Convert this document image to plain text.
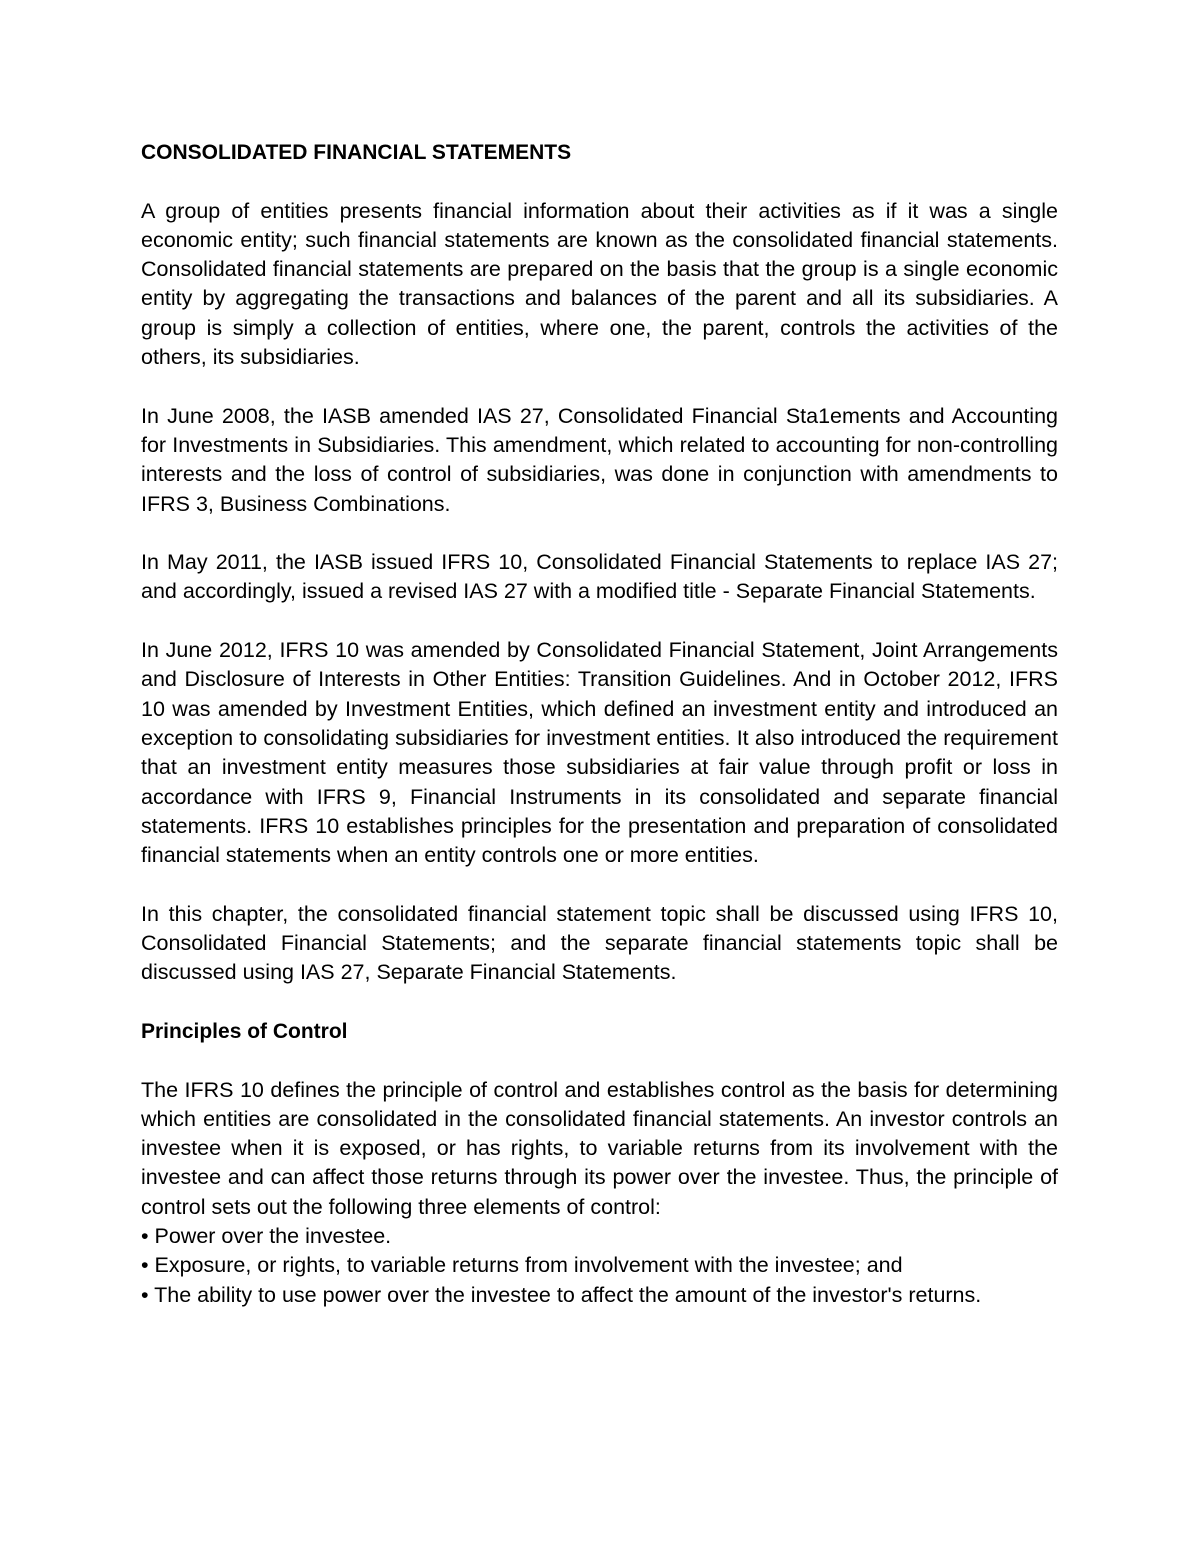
CONSOLIDATED FINANCIAL STATEMENTS

A group of entities presents financial information about their activities as if it was a single economic entity; such financial statements are known as the consolidated financial statements. Consolidated financial statements are prepared on the basis that the group is a single economic entity by aggregating the transactions and balances of the parent and all its subsidiaries. A group is simply a collection of entities, where one, the parent, controls the activities of the others, its subsidiaries.

In June 2008, the IASB amended IAS 27, Consolidated Financial Sta1ements and Accounting for Investments in Subsidiaries. This amendment, which related to accounting for non-controlling interests and the loss of control of subsidiaries, was done in conjunction with amendments to IFRS 3, Business Combinations.

In May 2011, the IASB issued IFRS 10, Consolidated Financial Statements to replace IAS 27; and accordingly, issued a revised IAS 27 with a modified title - Separate Financial Statements.

In June 2012, IFRS 10 was amended by Consolidated Financial Statement, Joint Arrangements and Disclosure of Interests in Other Entities: Transition Guidelines. And in October 2012, IFRS 10 was amended by Investment Entities, which defined an investment entity and introduced an exception to consolidating subsidiaries for investment entities. It also introduced the requirement that an investment entity measures those subsidiaries at fair value through profit or loss in accordance with IFRS 9, Financial Instruments in its consolidated and separate financial statements. IFRS 10 establishes principles for the presentation and preparation of consolidated financial statements when an entity controls one or more entities.

In this chapter, the consolidated financial statement topic shall be discussed using IFRS 10, Consolidated Financial Statements; and the separate financial statements topic shall be discussed using IAS 27, Separate Financial Statements.

Principles of Control

The IFRS 10 defines the principle of control and establishes control as the basis for determining which entities are consolidated in the consolidated financial statements. An investor controls an investee when it is exposed, or has rights, to variable returns from its involvement with the investee and can affect those returns through its power over the investee. Thus, the principle of control sets out the following three elements of control:

• Power over the investee.
• Exposure, or rights, to variable returns from involvement with the investee; and
• The ability to use power over the investee to affect the amount of the investor's returns.
